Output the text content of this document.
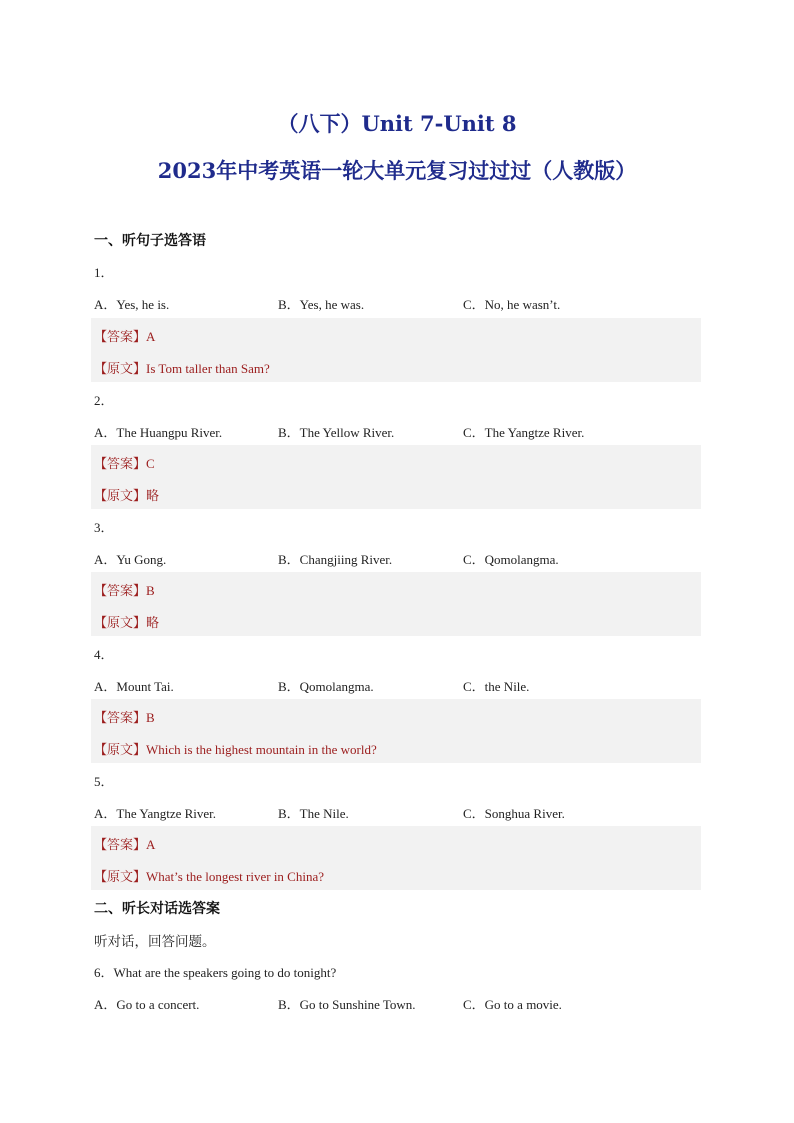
（八下）Unit 7-Unit 8
2023年中考英语一轮大单元复习过过过（人教版）
一、听句子选答语
1．
A．Yes, he is.	B．Yes, he was.	C．No, he wasn’t.
【答案】A
【原文】Is Tom taller than Sam?
2．
A．The Huangpu River.	B．The Yellow River.	C．The Yangtze River.
【答案】C
【原文】略
3．
A．Yu Gong.	B．Changjiing River.	C．Qomolangma.
【答案】B
【原文】略
4．
A．Mount Tai.	B．Qomolangma.	C．the Nile.
【答案】B
【原文】Which is the highest mountain in the world?
5．
A．The Yangtze River.	B．The Nile.	C．Songhua River.
【答案】A
【原文】What’s the longest river in China?
二、听长对话选答案
听对话，回答问题。
6．What are the speakers going to do tonight?
A．Go to a concert.	B．Go to Sunshine Town.	C．Go to a movie.
